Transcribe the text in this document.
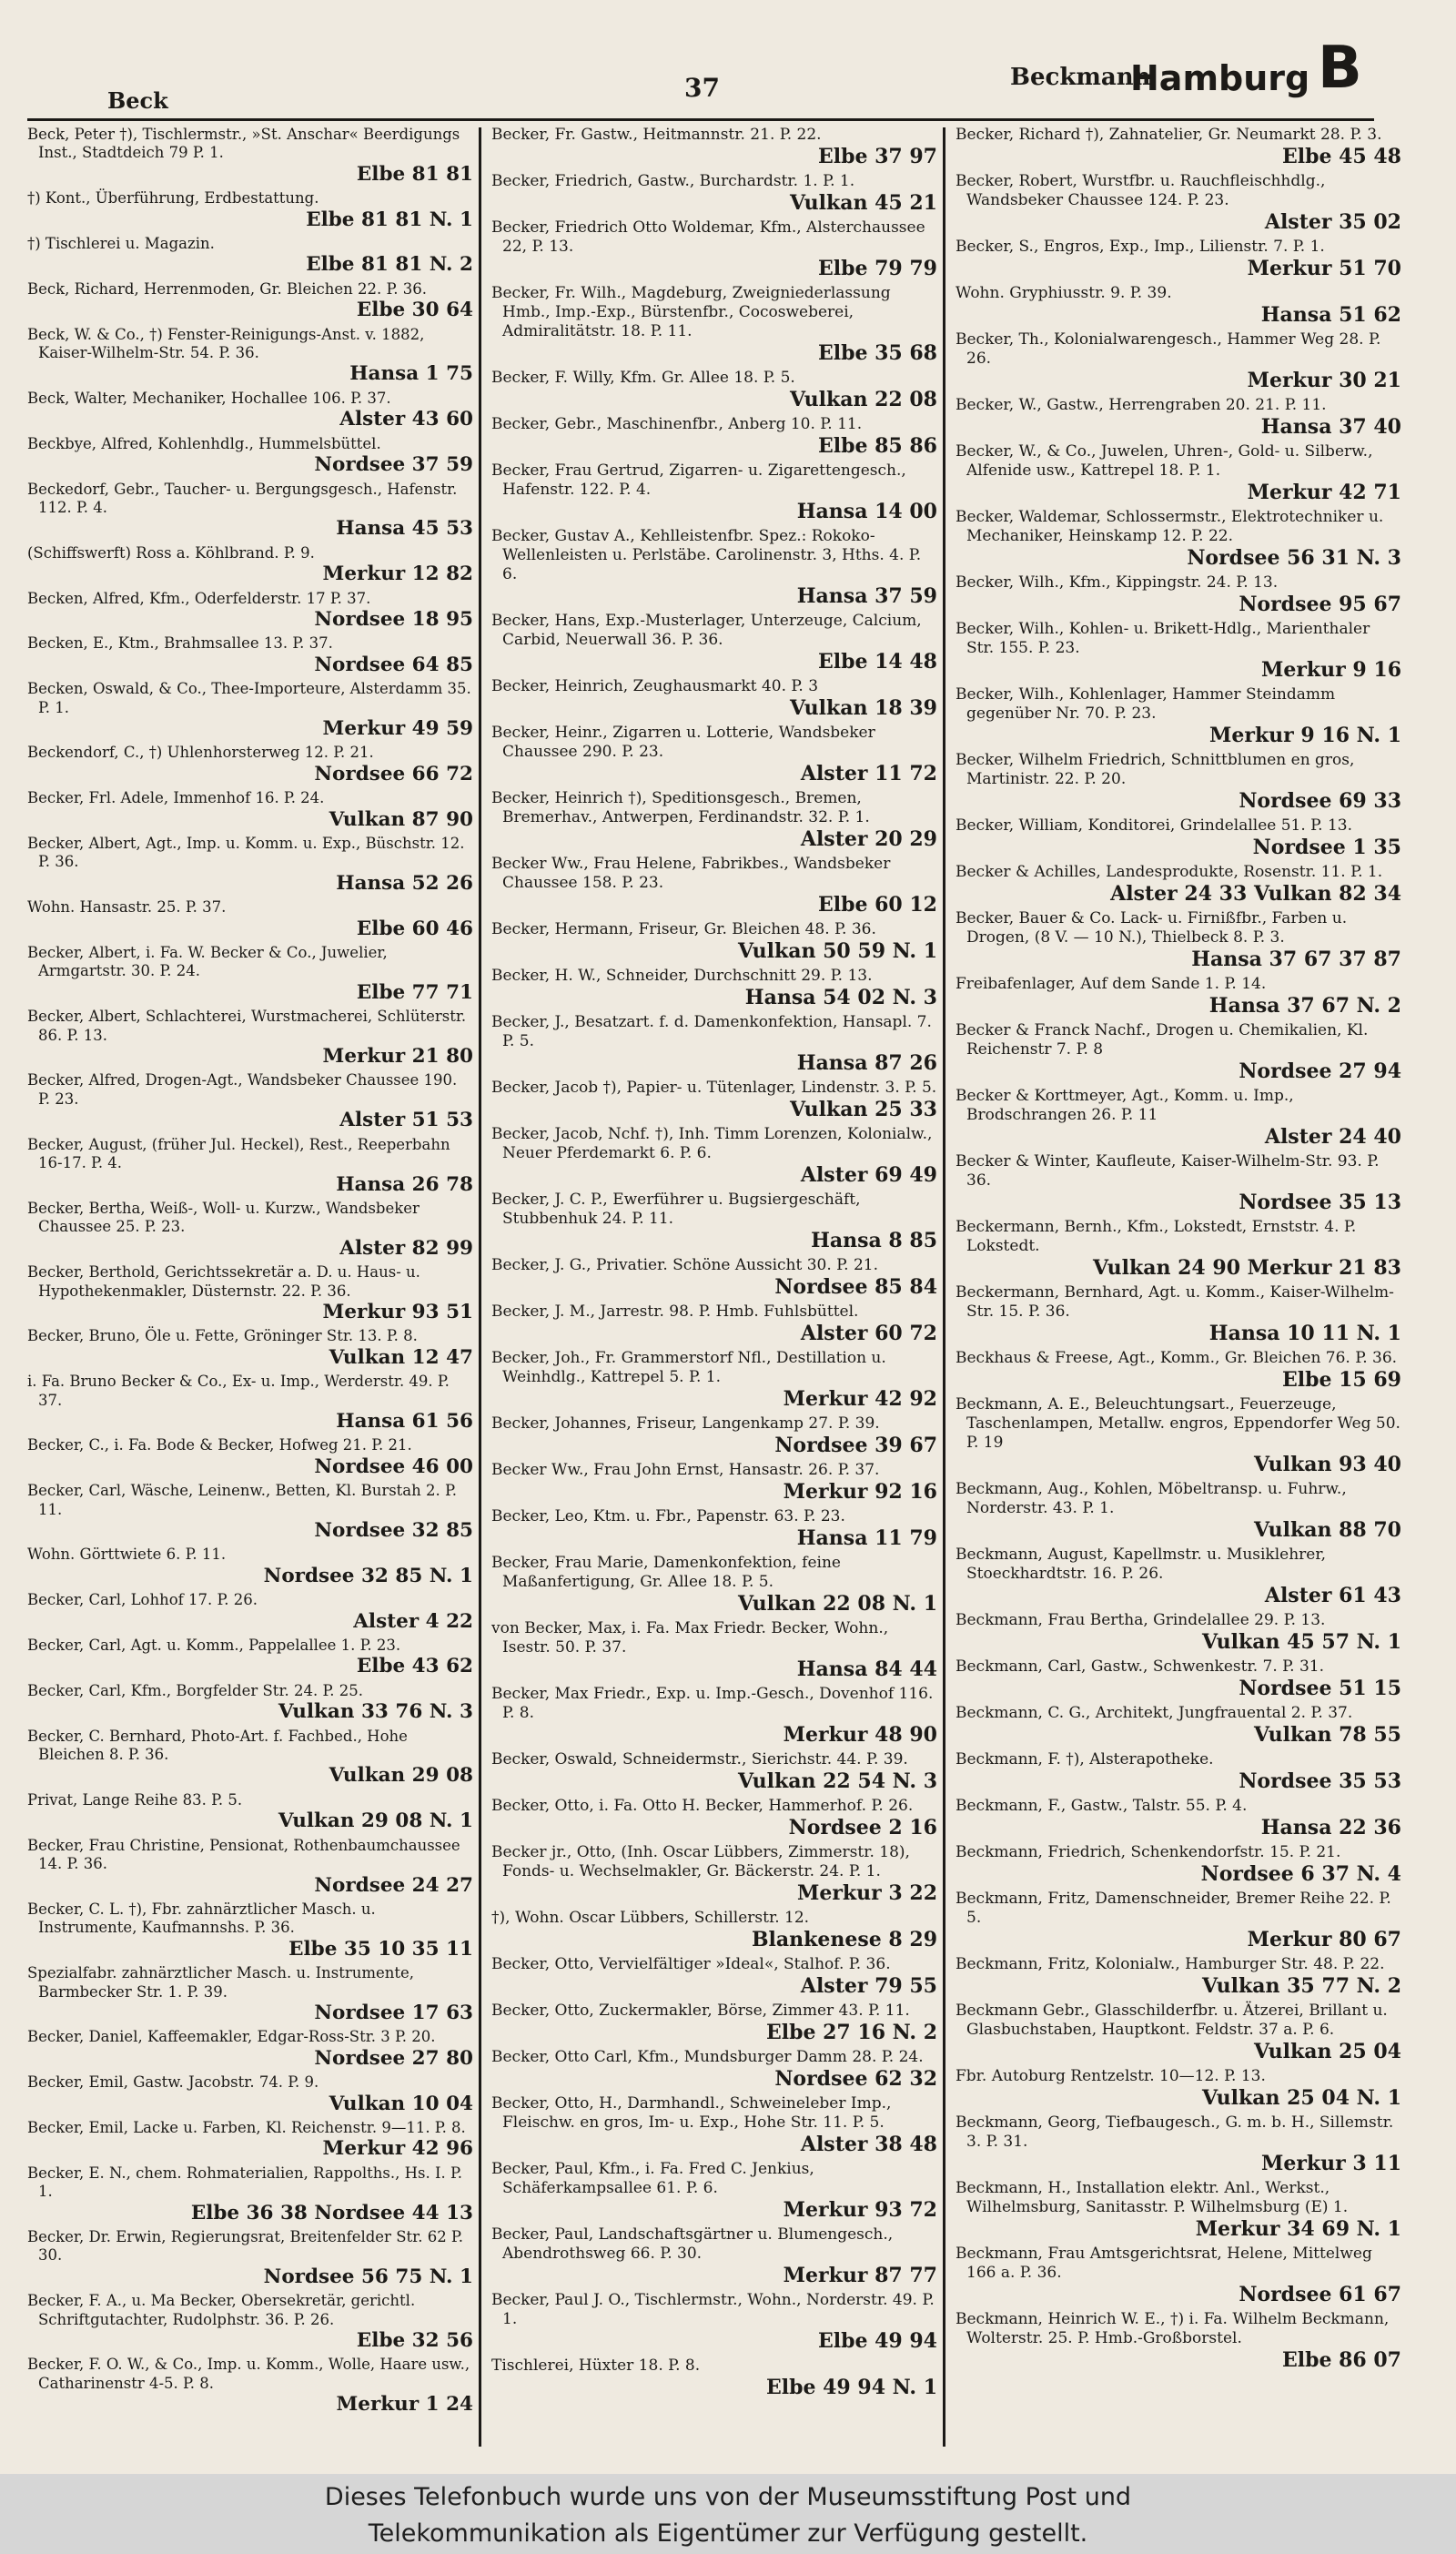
Beck	37	Beckmann
Hamburg B
Beck, Peter †), Tischlermstr., »St. Anschar« Beerdigungs Inst., Stadtdeich 79 P. 1.
Elbe 81 81
†) Kont., Überführung, Erdbestattung.
Elbe 81 81 N. 1
†) Tischlerei u. Magazin.
Elbe 81 81 N. 2
Beck, Richard, Herrenmoden, Gr. Bleichen 22. P. 36.
Elbe 30 64
Beck, W. & Co., †) Fenster-Reinigungs-Anst. v. 1882, Kaiser-Wilhelm-Str. 54. P. 36.
Hansa 1 75
Beck, Walter, Mechaniker, Hochallee 106. P. 37.
Alster 43 60
Beckbye, Alfred, Kohlenhdlg., Hummelsbüttel.
Nordsee 37 59
Beckedorf, Gebr., Taucher- u. Bergungsgesch., Hafenstr. 112. P. 4.
Hansa 45 53
(Schiffswerft) Ross a. Köhlbrand. P. 9.
Merkur 12 82
Becken, Alfred, Kfm., Oderfelderstr. 17 P. 37.
Nordsee 18 95
Becken, E., Ktm., Brahmsallee 13. P. 37.
Nordsee 64 85
Becken, Oswald, & Co., Thee-Importeure, Alsterdamm 35. P. 1.
Merkur 49 59
Beckendorf, C., †) Uhlenhorsterweg 12. P. 21.
Nordsee 66 72
Becker, Frl. Adele, Immenhof 16. P. 24.
Vulkan 87 90
Becker, Albert, Agt., Imp. u. Komm. u. Exp., Büschstr. 12. P. 36.
Hansa 52 26
Wohn. Hansastr. 25. P. 37.
Elbe 60 46
Becker, Albert, i. Fa. W. Becker & Co., Juwelier, Armgartstr. 30. P. 24.
Elbe 77 71
Becker, Albert, Schlachterei, Wurstmacherei, Schlüterstr. 86. P. 13.
Merkur 21 80
Becker, Alfred, Drogen-Agt., Wandsbeker Chaussee 190. P. 23.
Alster 51 53
Becker, August, (früher Jul. Heckel), Rest., Reeperbahn 16-17. P. 4.
Hansa 26 78
Becker, Bertha, Weiß-, Woll- u. Kurzw., Wandsbeker Chaussee 25. P. 23.
Alster 82 99
Becker, Berthold, Gerichtssekretär a. D. u. Haus- u. Hypothekenmakler, Düsternstr. 22. P. 36.
Merkur 93 51
Becker, Bruno, Öle u. Fette, Gröninger Str. 13. P. 8.
Vulkan 12 47
i. Fa. Bruno Becker & Co., Ex- u. Imp., Werderstr. 49. P. 37.
Hansa 61 56
Becker, C., i. Fa. Bode & Becker, Hofweg 21. P. 21.
Nordsee 46 00
Becker, Carl, Wäsche, Leinenw., Betten, Kl. Burstah 2. P. 11.
Nordsee 32 85
Wohn. Görttwiete 6. P. 11.
Nordsee 32 85 N. 1
Becker, Carl, Lohhof 17. P. 26.
Alster 4 22
Becker, Carl, Agt. u. Komm., Pappelallee 1. P. 23.
Elbe 43 62
Becker, Carl, Kfm., Borgfelder Str. 24. P. 25.
Vulkan 33 76 N. 3
Becker, C. Bernhard, Photo-Art. f. Fachbed., Hohe Bleichen 8. P. 36.
Vulkan 29 08
Privat, Lange Reihe 83. P. 5.
Vulkan 29 08 N. 1
Becker, Frau Christine, Pensionat, Rothenbaumchaussee 14. P. 36.
Nordsee 24 27
Becker, C. L. †), Fbr. zahnärztlicher Masch. u. Instrumente, Kaufmannshs. P. 36.
Elbe 35 10 35 11
Spezialfabr. zahnärztlicher Masch. u. Instrumente, Barmbecker Str. 1. P. 39.
Nordsee 17 63
Becker, Daniel, Kaffeemakler, Edgar-Ross-Str. 3 P. 20.
Nordsee 27 80
Becker, Emil, Gastw. Jacobstr. 74. P. 9.
Vulkan 10 04
Becker, Emil, Lacke u. Farben, Kl. Reichenstr. 9—11. P. 8.
Merkur 42 96
Becker, E. N., chem. Rohmaterialien, Rappolths., Hs. I. P. 1.
Elbe 36 38 Nordsee 44 13
Becker, Dr. Erwin, Regierungsrat, Breitenfelder Str. 62 P. 30.
Nordsee 56 75 N. 1
Becker, F. A., u. Ma Becker, Obersekretär, gerichtl. Schriftgutachter, Rudolphstr. 36. P. 26.
Elbe 32 56
Becker, F. O. W., & Co., Imp. u. Komm., Wolle, Haare usw., Catharinenstr 4-5. P. 8.
Merkur 1 24
Becker, Fr. Gastw., Heitmannstr. 21. P. 22.
Elbe 37 97
Becker, Friedrich, Gastw., Burchardstr. 1. P. 1.
Vulkan 45 21
Becker, Friedrich Otto Woldemar, Kfm., Alsterchaussee 22, P. 13.
Elbe 79 79
Becker, Fr. Wilh., Magdeburg, Zweigniederlassung Hmb., Imp.-Exp., Bürstenfbr., Cocosweberei, Admiralitätstr. 18. P. 11.
Elbe 35 68
Becker, F. Willy, Kfm. Gr. Allee 18. P. 5.
Vulkan 22 08
Becker, Gebr., Maschinenfbr., Anberg 10. P. 11.
Elbe 85 86
Becker, Frau Gertrud, Zigarren- u. Zigarettengesch., Hafenstr. 122. P. 4.
Hansa 14 00
Becker, Gustav A., Kehlleistenfbr. Spez.: Rokoko-Wellenleisten u. Perlstäbe. Carolinenstr. 3, Hths. 4. P. 6.
Hansa 37 59
Becker, Hans, Exp.-Musterlager, Unterzeuge, Calcium, Carbid, Neuerwall 36. P. 36.
Elbe 14 48
Becker, Heinrich, Zeughausmarkt 40. P. 3
Vulkan 18 39
Becker, Heinr., Zigarren u. Lotterie, Wandsbeker Chaussee 290. P. 23.
Alster 11 72
Becker, Heinrich †), Speditionsgesch., Bremen, Bremerhav., Antwerpen, Ferdinandstr. 32. P. 1.
Alster 20 29
Becker Ww., Frau Helene, Fabrikbes., Wandsbeker Chaussee 158. P. 23.
Elbe 60 12
Becker, Hermann, Friseur, Gr. Bleichen 48. P. 36.
Vulkan 50 59 N. 1
Becker, H. W., Schneider, Durchschnitt 29. P. 13.
Hansa 54 02 N. 3
Becker, J., Besatzart. f. d. Damenkonfektion, Hansapl. 7. P. 5.
Hansa 87 26
Becker, Jacob †), Papier- u. Tütenlager, Lindenstr. 3. P. 5.
Vulkan 25 33
Becker, Jacob, Nchf. †), Inh. Timm Lorenzen, Kolonialw., Neuer Pferdemarkt 6. P. 6.
Alster 69 49
Becker, J. C. P., Ewerführer u. Bugsiergeschäft, Stubbenhuk 24. P. 11.
Hansa 8 85
Becker, J. G., Privatier. Schöne Aussicht 30. P. 21.
Nordsee 85 84
Becker, J. M., Jarrestr. 98. P. Hmb. Fuhlsbüttel.
Alster 60 72
Becker, Joh., Fr. Grammerstorf Nfl., Destillation u. Weinhdlg., Kattrepel 5. P. 1.
Merkur 42 92
Becker, Johannes, Friseur, Langenkamp 27. P. 39.
Nordsee 39 67
Becker Ww., Frau John Ernst, Hansastr. 26. P. 37.
Merkur 92 16
Becker, Leo, Ktm. u. Fbr., Papenstr. 63. P. 23.
Hansa 11 79
Becker, Frau Marie, Damenkonfektion, feine Maßanfertigung, Gr. Allee 18. P. 5.
Vulkan 22 08 N. 1
von Becker, Max, i. Fa. Max Friedr. Becker, Wohn., Isestr. 50. P. 37.
Hansa 84 44
Becker, Max Friedr., Exp. u. Imp.-Gesch., Dovenhof 116. P. 8.
Merkur 48 90
Becker, Oswald, Schneidermstr., Sierichstr. 44. P. 39.
Vulkan 22 54 N. 3
Becker, Otto, i. Fa. Otto H. Becker, Hammerhof. P. 26.
Nordsee 2 16
Becker jr., Otto, (Inh. Oscar Lübbers, Zimmerstr. 18), Fonds- u. Wechselmakler, Gr. Bäckerstr. 24. P. 1.
Merkur 3 22
†), Wohn. Oscar Lübbers, Schillerstr. 12.
Blankenese 8 29
Becker, Otto, Vervielfältiger »Ideal«, Stalhof. P. 36.
Alster 79 55
Becker, Otto, Zuckermakler, Börse, Zimmer 43. P. 11.
Elbe 27 16 N. 2
Becker, Otto Carl, Kfm., Mundsburger Damm 28. P. 24.
Nordsee 62 32
Becker, Otto, H., Darmhandl., Schweineleber Imp., Fleischw. en gros, Im- u. Exp., Hohe Str. 11. P. 5.
Alster 38 48
Becker, Paul, Kfm., i. Fa. Fred C. Jenkius, Schäferkampsallee 61. P. 6.
Merkur 93 72
Becker, Paul, Landschaftsgärtner u. Blumengesch., Abendrothsweg 66. P. 30.
Merkur 87 77
Becker, Paul J. O., Tischlermstr., Wohn., Norderstr. 49. P. 1.
Elbe 49 94
Tischlerei, Hüxter 18. P. 8.
Elbe 49 94 N. 1
Becker, Richard †), Zahnatelier, Gr. Neumarkt 28. P. 3.
Elbe 45 48
Becker, Robert, Wurstfbr. u. Rauchfleischhdlg., Wandsbeker Chaussee 124. P. 23.
Alster 35 02
Becker, S., Engros, Exp., Imp., Lilienstr. 7. P. 1.
Merkur 51 70
Wohn. Gryphiusstr. 9. P. 39.
Hansa 51 62
Becker, Th., Kolonialwarengesch., Hammer Weg 28. P. 26.
Merkur 30 21
Becker, W., Gastw., Herrengraben 20. 21. P. 11.
Hansa 37 40
Becker, W., & Co., Juwelen, Uhren-, Gold- u. Silberw., Alfenide usw., Kattrepel 18. P. 1.
Merkur 42 71
Becker, Waldemar, Schlossermstr., Elektrotechniker u. Mechaniker, Heinskamp 12. P. 22.
Nordsee 56 31 N. 3
Becker, Wilh., Kfm., Kippingstr. 24. P. 13.
Nordsee 95 67
Becker, Wilh., Kohlen- u. Brikett-Hdlg., Marienthaler Str. 155. P. 23.
Merkur 9 16
Becker, Wilh., Kohlenlager, Hammer Steindamm gegenüber Nr. 70. P. 23.
Merkur 9 16 N. 1
Becker, Wilhelm Friedrich, Schnittblumen en gros, Martinistr. 22. P. 20.
Nordsee 69 33
Becker, William, Konditorei, Grindelallee 51. P. 13.
Nordsee 1 35
Becker & Achilles, Landesprodukte, Rosenstr. 11. P. 1.
Alster 24 33 Vulkan 82 34
Becker, Bauer & Co. Lack- u. Firnißfbr., Farben u. Drogen, (8 V. — 10 N.), Thielbeck 8. P. 3.
Hansa 37 67 37 87
Freibafenlager, Auf dem Sande 1. P. 14.
Hansa 37 67 N. 2
Becker & Franck Nachf., Drogen u. Chemikalien, Kl. Reichenstr 7. P. 8
Nordsee 27 94
Becker & Korttmeyer, Agt., Komm. u. Imp., Brodschrangen 26. P. 11
Alster 24 40
Becker & Winter, Kaufleute, Kaiser-Wilhelm-Str. 93. P. 36.
Nordsee 35 13
Beckermann, Bernh., Kfm., Lokstedt, Ernststr. 4. P. Lokstedt.
Vulkan 24 90 Merkur 21 83
Beckermann, Bernhard, Agt. u. Komm., Kaiser-Wilhelm-Str. 15. P. 36.
Hansa 10 11 N. 1
Beckhaus & Freese, Agt., Komm., Gr. Bleichen 76. P. 36.
Elbe 15 69
Beckmann, A. E., Beleuchtungsart., Feuerzeuge, Taschenlampen, Metallw. engros, Eppendorfer Weg 50. P. 19
Vulkan 93 40
Beckmann, Aug., Kohlen, Möbeltransp. u. Fuhrw., Norderstr. 43. P. 1.
Vulkan 88 70
Beckmann, August, Kapellmstr. u. Musiklehrer, Stoeckhardtstr. 16. P. 26.
Alster 61 43
Beckmann, Frau Bertha, Grindelallee 29. P. 13.
Vulkan 45 57 N. 1
Beckmann, Carl, Gastw., Schwenkestr. 7. P. 31.
Nordsee 51 15
Beckmann, C. G., Architekt, Jungfrauental 2. P. 37.
Vulkan 78 55
Beckmann, F. †), Alsterapotheke.
Nordsee 35 53
Beckmann, F., Gastw., Talstr. 55. P. 4.
Hansa 22 36
Beckmann, Friedrich, Schenkendorfstr. 15. P. 21.
Nordsee 6 37 N. 4
Beckmann, Fritz, Damenschneider, Bremer Reihe 22. P. 5.
Merkur 80 67
Beckmann, Fritz, Kolonialw., Hamburger Str. 48. P. 22.
Vulkan 35 77 N. 2
Beckmann Gebr., Glasschilderfbr. u. Ätzerei, Brillant u. Glasbuchstaben, Hauptkont. Feldstr. 37 a. P. 6.
Vulkan 25 04
Fbr. Autoburg Rentzelstr. 10—12. P. 13.
Vulkan 25 04 N. 1
Beckmann, Georg, Tiefbaugesch., G. m. b. H., Sillemstr. 3. P. 31.
Merkur 3 11
Beckmann, H., Installation elektr. Anl., Werkst., Wilhelmsburg, Sanitasstr. P. Wilhelmsburg (E) 1.
Merkur 34 69 N. 1
Beckmann, Frau Amtsgerichtsrat, Helene, Mittelweg 166 a. P. 36.
Nordsee 61 67
Beckmann, Heinrich W. E., †) i. Fa. Wilhelm Beckmann, Wolterstr. 25. P. Hmb.-Großborstel.
Elbe 86 07
Dieses Telefonbuch wurde uns von der Museumsstiftung Post und
Telekommunikation als Eigentümer zur Verfügung gestellt.
